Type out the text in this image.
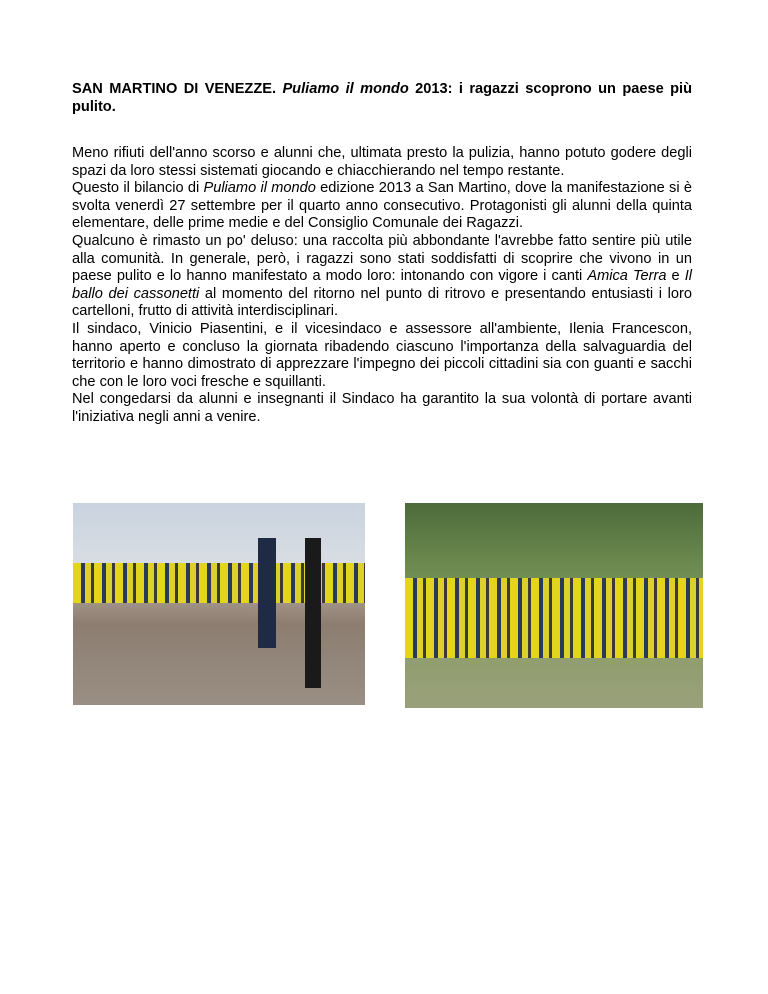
SAN MARTINO DI VENEZZE. Puliamo il mondo 2013: i ragazzi scoprono un paese più pulito.

Meno rifiuti dell'anno scorso e alunni che, ultimata presto la pulizia, hanno potuto godere degli spazi da loro stessi sistemati giocando e chiacchierando nel tempo restante.

Questo il bilancio di Puliamo il mondo edizione 2013 a San Martino, dove la manifestazione si è svolta venerdì 27 settembre per il quarto anno consecutivo. Protagonisti gli alunni della quinta elementare, delle prime medie e del Consiglio Comunale dei Ragazzi.

Qualcuno è rimasto un po' deluso: una raccolta più abbondante l'avrebbe fatto sentire più utile alla comunità. In generale, però, i ragazzi sono stati soddisfatti di scoprire che vivono in un paese pulito e lo hanno manifestato a modo loro: intonando con vigore i canti Amica Terra e Il ballo dei cassonetti al momento del ritorno nel punto di ritrovo e presentando entusiasti i loro cartelloni, frutto di attività interdisciplinari.

Il sindaco, Vinicio Piasentini, e il vicesindaco e assessore all'ambiente, Ilenia Francescon, hanno aperto e concluso la giornata ribadendo ciascuno l'importanza della salvaguardia del territorio e hanno dimostrato di apprezzare l'impegno dei piccoli cittadini sia con guanti e sacchi che con le loro voci fresche e squillanti.

Nel congedarsi da alunni e insegnanti il Sindaco ha garantito la sua volontà di portare avanti l'iniziativa negli anni a venire.
